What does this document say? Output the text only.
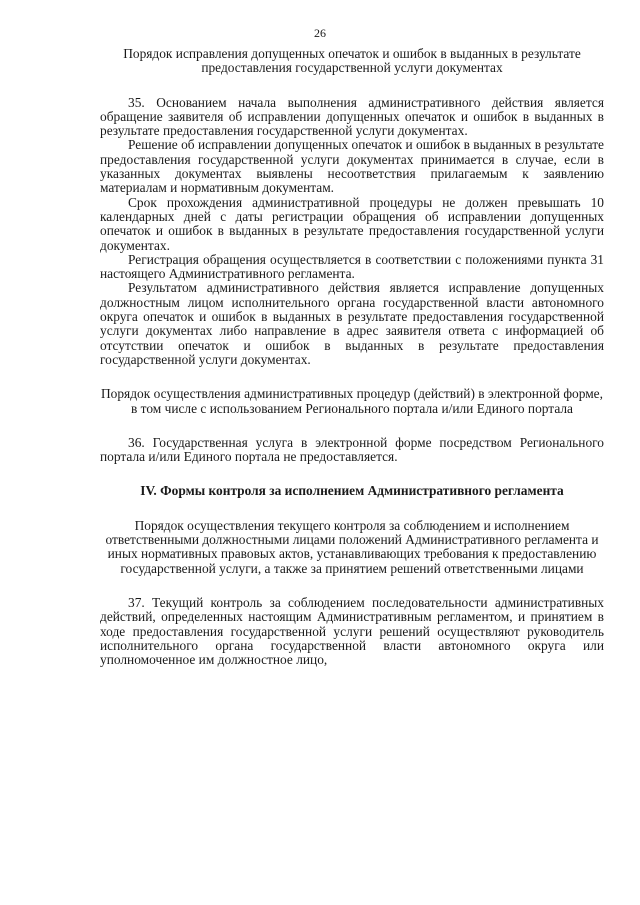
26

Порядок исправления допущенных опечаток и ошибок в выданных в результате предоставления государственной услуги документах

35. Основанием начала выполнения административного действия является обращение заявителя об исправлении допущенных опечаток и ошибок в выданных в результате предоставления государственной услуги документах.

Решение об исправлении допущенных опечаток и ошибок в выданных в результате предоставления государственной услуги документах принимается в случае, если в указанных документах выявлены несоответствия прилагаемым к заявлению материалам и нормативным документам.

Срок прохождения административной процедуры не должен превышать 10 календарных дней с даты регистрации обращения об исправлении допущенных опечаток и ошибок в выданных в результате предоставления государственной услуги документах.

Регистрация обращения осуществляется в соответствии с положениями пункта 31 настоящего Административного регламента.

Результатом административного действия является исправление допущенных должностным лицом исполнительного органа государственной власти автономного округа опечаток и ошибок в выданных в результате предоставления государственной услуги документах либо направление в адрес заявителя ответа с информацией об отсутствии опечаток и ошибок в выданных в результате предоставления государственной услуги документах.

Порядок осуществления административных процедур (действий) в электронной форме, в том числе с использованием Регионального портала и/или Единого портала

36. Государственная услуга в электронной форме посредством Регионального портала и/или Единого портала не предоставляется.

IV. Формы контроля за исполнением Административного регламента

Порядок осуществления текущего контроля за соблюдением и исполнением ответственными должностными лицами положений Административного регламента и иных нормативных правовых актов, устанавливающих требования к предоставлению государственной услуги, а также за принятием решений ответственными лицами

37. Текущий контроль за соблюдением последовательности административных действий, определенных настоящим Административным регламентом, и принятием в ходе предоставления государственной услуги решений осуществляют руководитель исполнительного органа государственной власти автономного округа или уполномоченное им должностное лицо,
